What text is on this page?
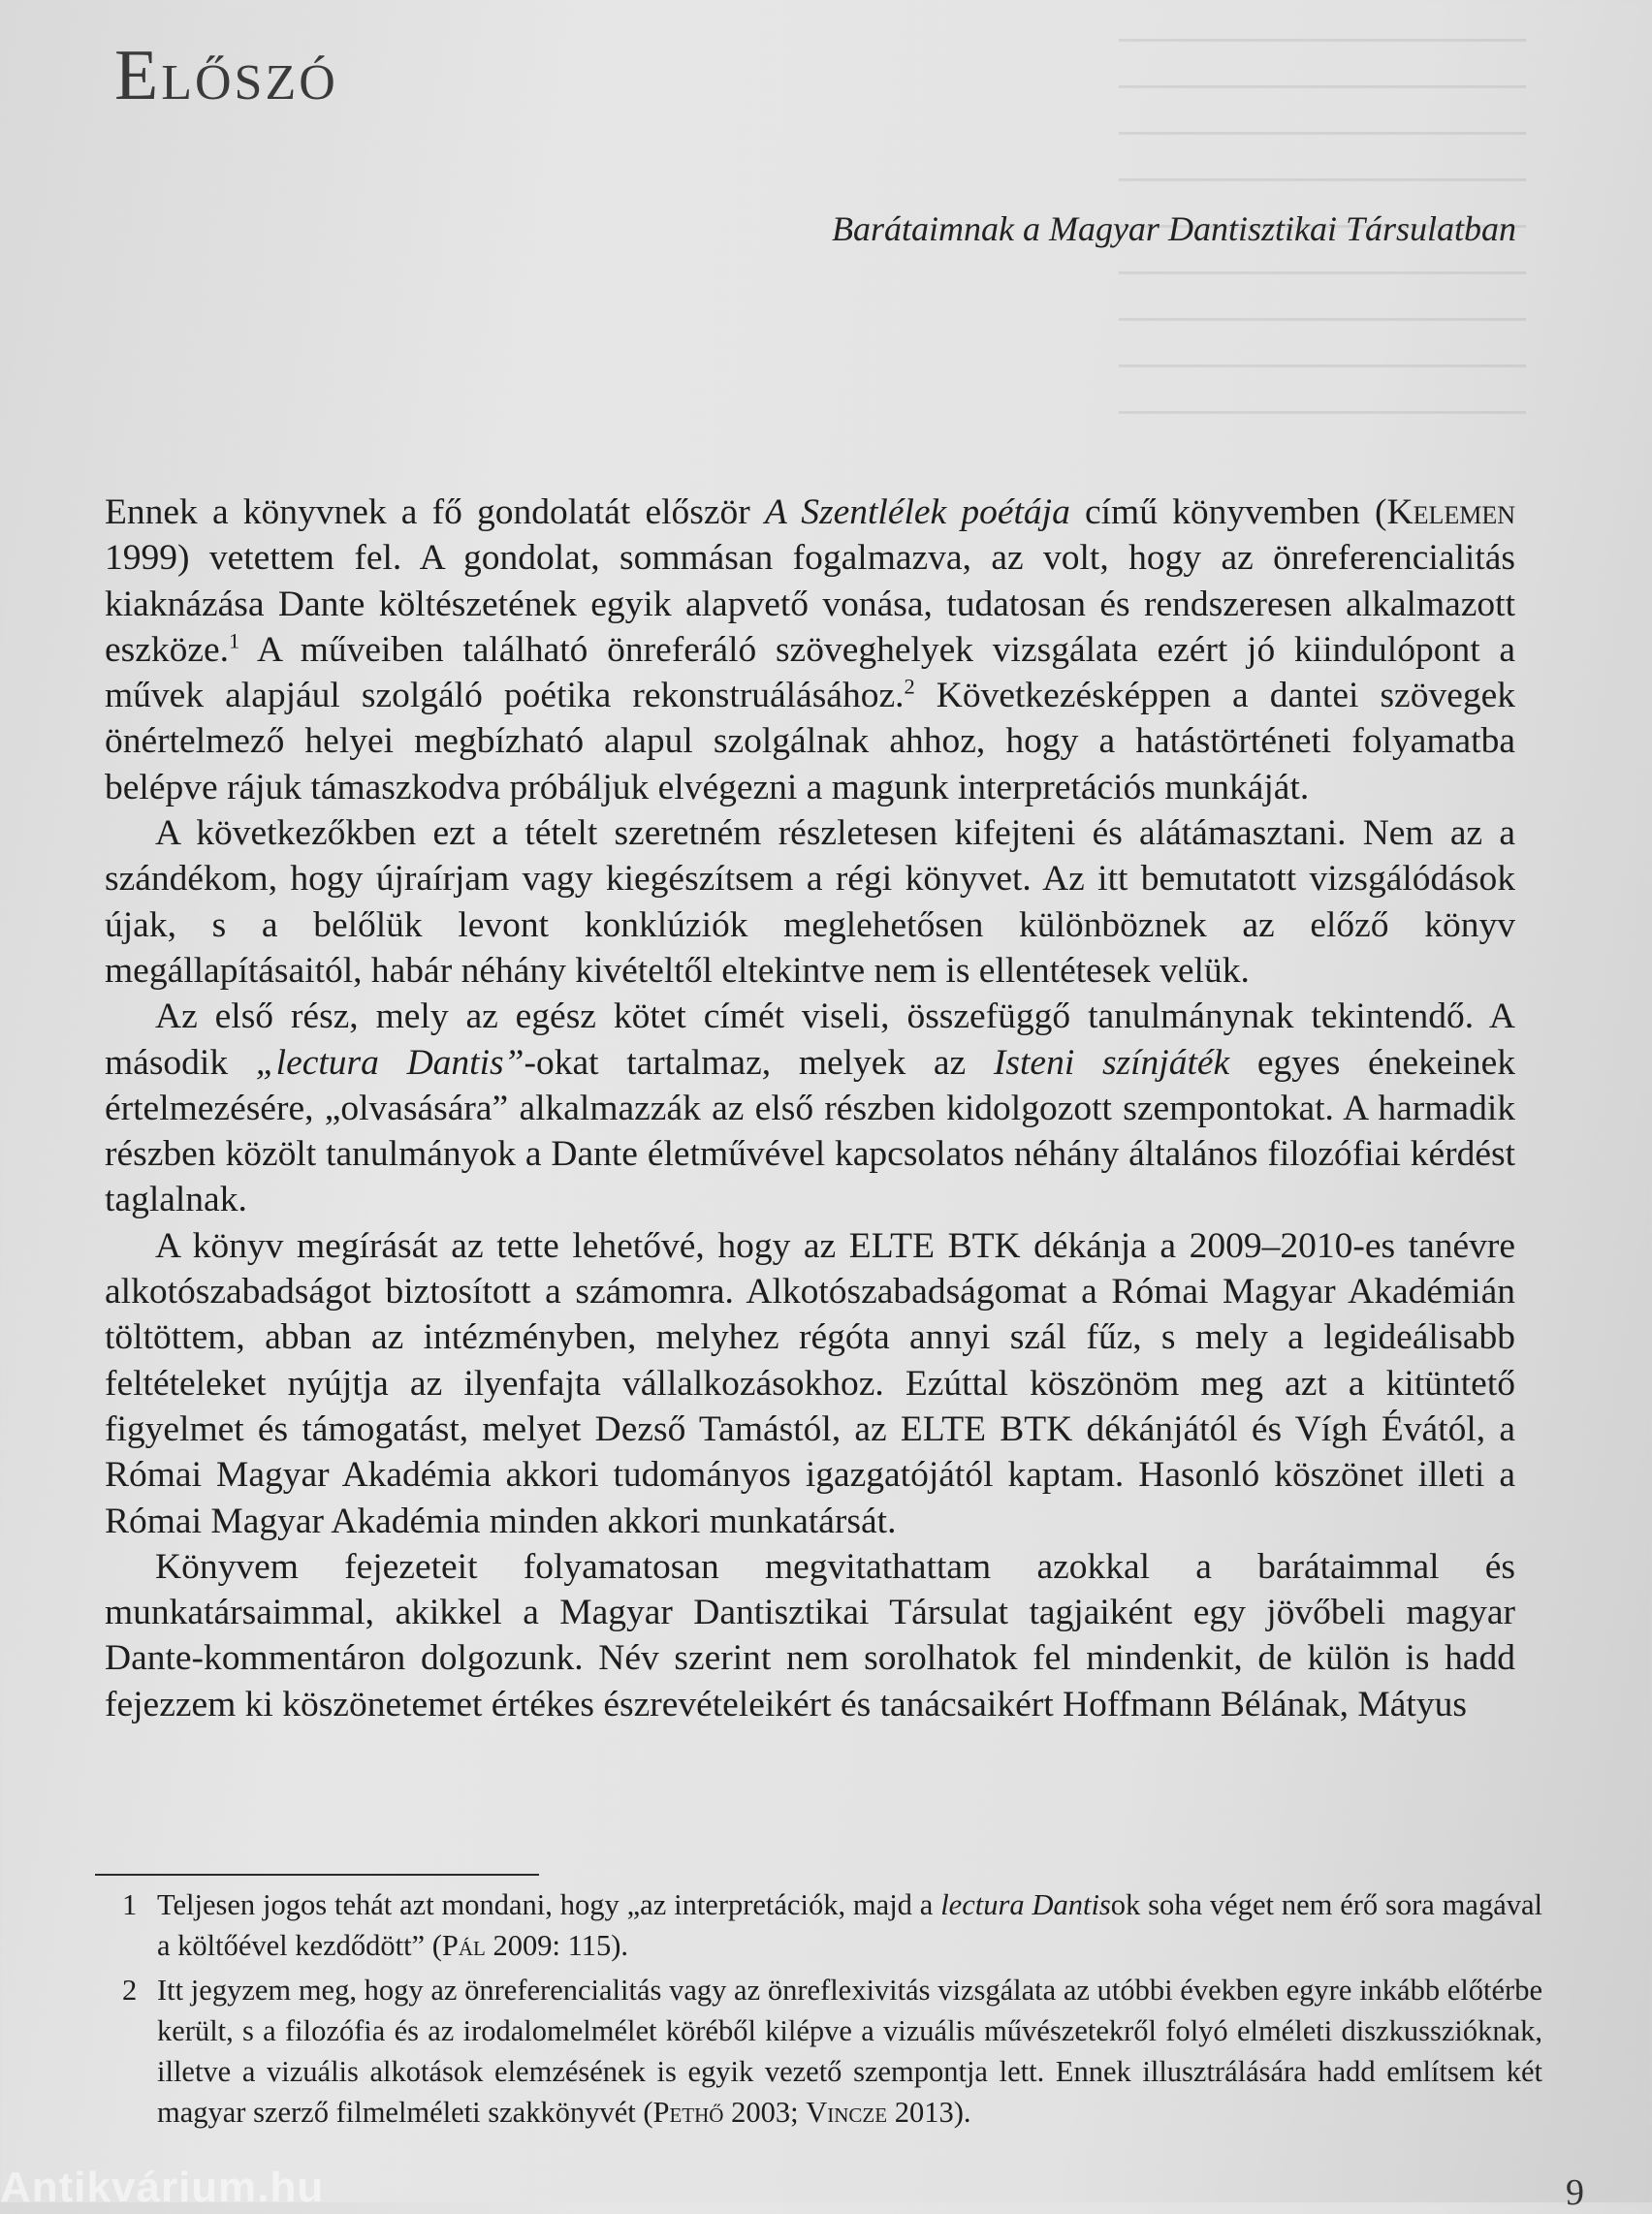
Előszó
Barátaimnak a Magyar Dantisztikai Társulatban

Ennek a könyvnek a fő gondolatát először A Szentlélek poétája című könyvemben (Kelemen 1999) vetettem fel. A gondolat, sommásan fogalmazva, az volt, hogy az önreferencialitás kiaknázása Dante költészetének egyik alapvető vonása, tudatosan és rendszeresen alkalmazott eszköze.$^1$ A műveiben található önreferáló szöveghelyek vizsgálata ezért jó kiindulópont a művek alapjául szolgáló poétika rekonstruálásához.$^2$ Következésképpen a dantei szövegek önértelmező helyei megbízható alapul szolgálnak ahhoz, hogy a hatástörténeti folyamatba belépve rájuk támaszkodva próbáljuk elvégezni a magunk interpretációs munkáját.

A következőkben ezt a tételt szeretném részletesen kifejteni és alátámasztani. Nem az a szándékom, hogy újraírjam vagy kiegészítsem a régi könyvet. Az itt bemutatott vizsgálódások újak, s a belőlük levont konklúziók meglehetősen különböznek az előző könyv megállapításaitól, habár néhány kivételtől eltekintve nem is ellentétesek velük.

Az első rész, mely az egész kötet címét viseli, összefüggő tanulmánynak tekintendő. A második „lectura Dantis”-okat tartalmaz, melyek az Isteni színjáték egyes énekeinek értelmezésére, „olvasására” alkalmazzák az első részben kidolgozott szempontokat. A harmadik részben közölt tanulmányok a Dante életművével kapcsolatos néhány általános filozófiai kérdést taglalnak.

A könyv megírását az tette lehetővé, hogy az ELTE BTK dékánja a 2009–2010-es tanévre alkotószabadságot biztosított a számomra. Alkotószabadságomat a Római Magyar Akadémián töltöttem, abban az intézményben, melyhez régóta annyi szál fűz, s mely a legideálisabb feltételeket nyújtja az ilyenfajta vállalkozásokhoz. Ezúttal köszönöm meg azt a kitüntető figyelmet és támogatást, melyet Dezső Tamástól, az ELTE BTK dékánjától és Vígh Évától, a Római Magyar Akadémia akkori tudományos igazgatójától kaptam. Hasonló köszönet illeti a Római Magyar Akadémia minden akkori munkatársát.

Könyvem fejezeteit folyamatosan megvitathattam azokkal a barátaimmal és munkatársaimmal, akikkel a Magyar Dantisztikai Társulat tagjaiként egy jövőbeli magyar Dante-kommentáron dolgozunk. Név szerint nem sorolhatok fel mindenkit, de külön is hadd fejezzem ki köszönetemet értékes észrevételeikért és tanácsaikért Hoffmann Bélának, Mátyus

1 Teljesen jogos tehát azt mondani, hogy „az interpretációk, majd a lectura Dantisok soha véget nem érő sora magával a költőével kezdődött” (Pál 2009: 115).

2 Itt jegyzem meg, hogy az önreferencialitás vagy az önreflexivitás vizsgálata az utóbbi években egyre inkább előtérbe került, s a filozófia és az irodalomelmélet köréből kilépve a vizuális művészetekről folyó elméleti diszkusszióknak, illetve a vizuális alkotások elemzésének is egyik vezető szempontja lett. Ennek illusztrálására hadd említsem két magyar szerző filmelméleti szakkönyvét (Pethő 2003; Vincze 2013).

Antikvárium.hu	9
